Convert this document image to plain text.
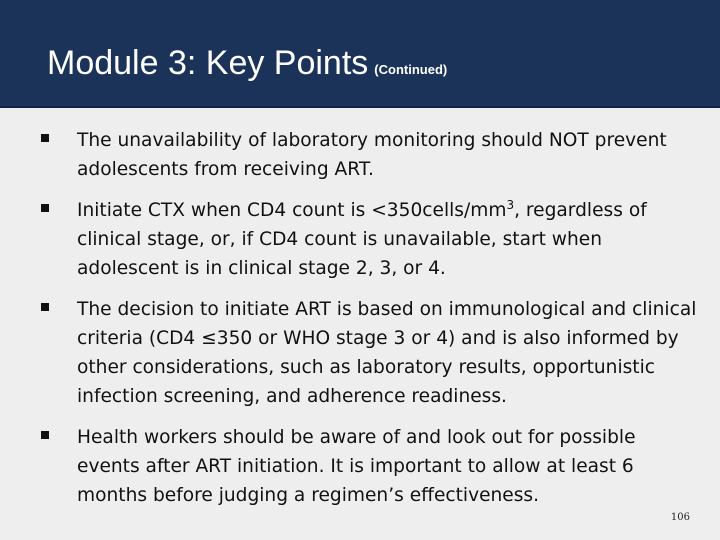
Module 3: Key Points (Continued)
The unavailability of laboratory monitoring should NOT prevent adolescents from receiving ART.
Initiate CTX when CD4 count is $<350cells/mm^3$, regardless of clinical stage, or, if CD4 count is unavailable, start when adolescent is in clinical stage 2, 3, or 4.
The decision to initiate ART is based on immunological and clinical criteria (CD4 ≤350 or WHO stage 3 or 4) and is also informed by other considerations, such as laboratory results, opportunistic infection screening, and adherence readiness.
Health workers should be aware of and look out for possible events after ART initiation. It is important to allow at least 6 months before judging a regimen’s effectiveness.
106
